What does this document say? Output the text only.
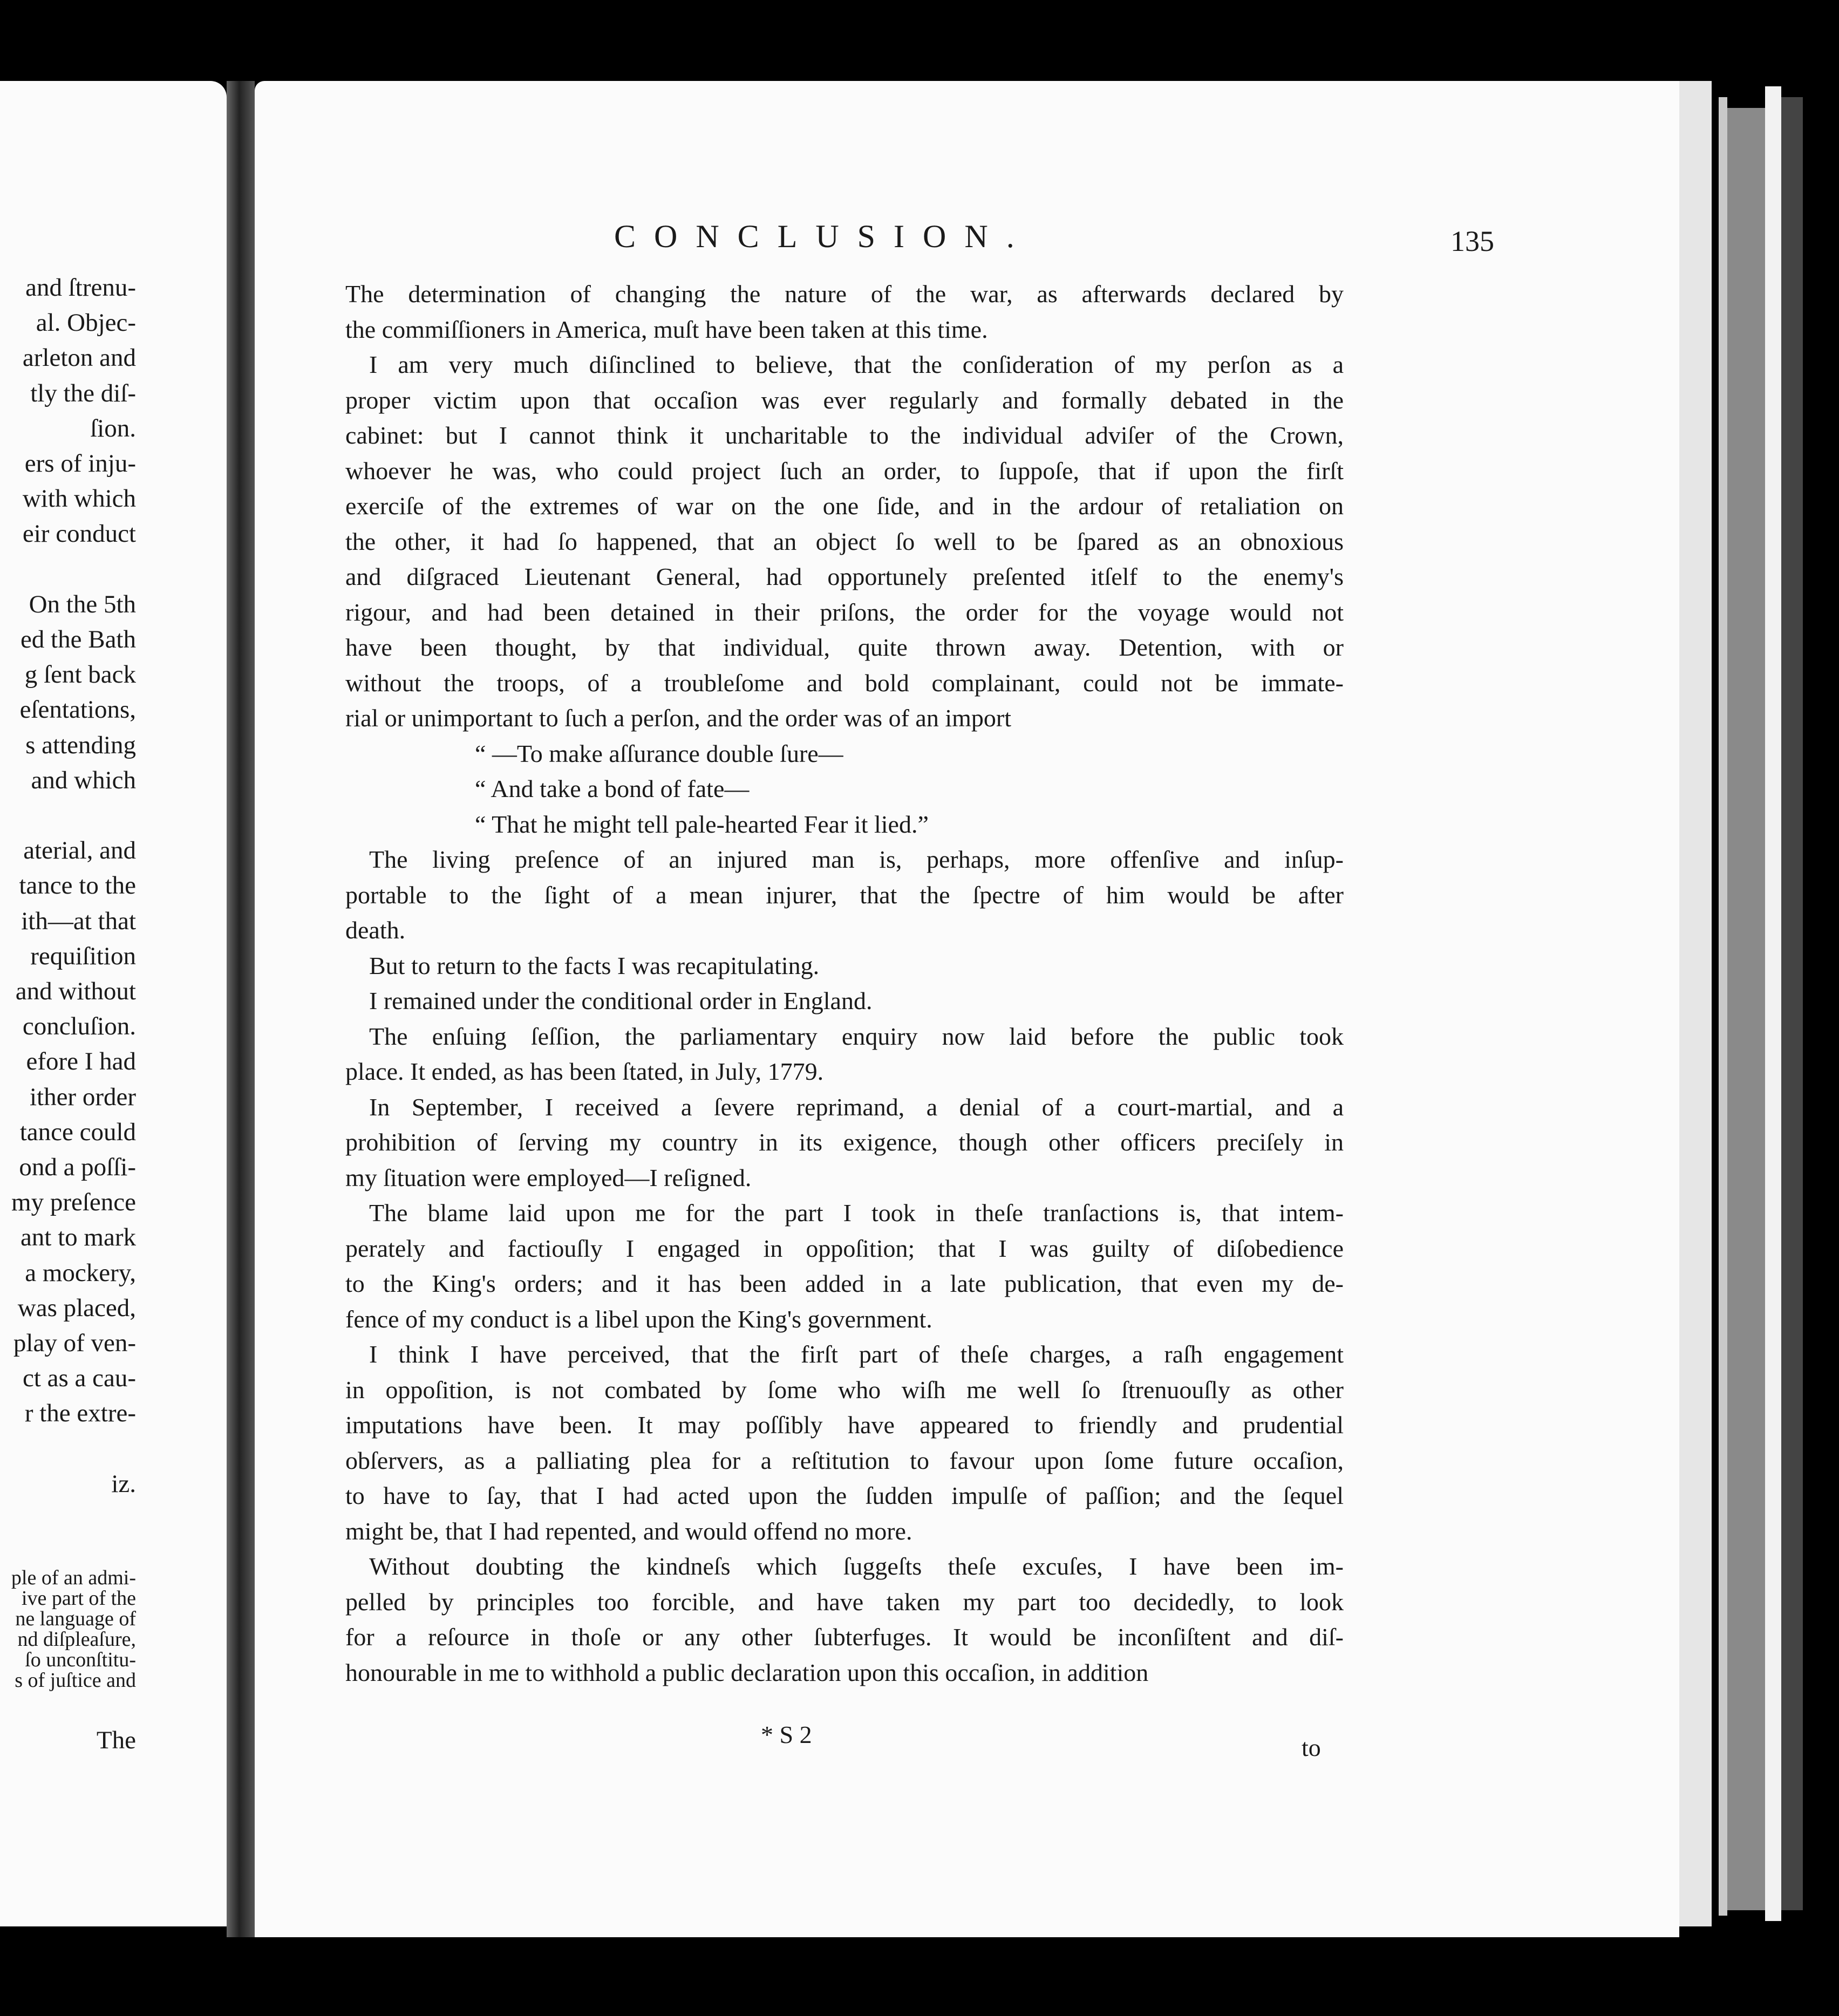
and ſtrenu-
al. Objec-
arleton and
tly the diſ-
ſion.
ers of inju-
with which
eir conduct
On the 5th
ed the Bath
g ſent back
eſentations,
s attending
and which
aterial, and
tance to the
ith—at that
requiſition
and without
concluſion.
efore I had
ither order
tance could
ond a poſſi-
my preſence
ant to mark
a mockery,
was placed,
play of ven-
ct as a cau-
r the extre-
iz.
ple of an admi-
ive part of the
ne language of
nd diſpleaſure,
ſo unconſtitu-
s of juſtice and
The
CONCLUSION.	135
The determination of changing the nature of the war, as afterwards declared by
the commiſſioners in America, muſt have been taken at this time.
I am very much diſinclined to believe, that the conſideration of my perſon as a
proper victim upon that occaſion was ever regularly and formally debated in the
cabinet: but I cannot think it uncharitable to the individual adviſer of the Crown,
whoever he was, who could project ſuch an order, to ſuppoſe, that if upon the firſt
exerciſe of the extremes of war on the one ſide, and in the ardour of retaliation on
the other, it had ſo happened, that an object ſo well to be ſpared as an obnoxious
and diſgraced Lieutenant General, had opportunely preſented itſelf to the enemy's
rigour, and had been detained in their priſons, the order for the voyage would not
have been thought, by that individual, quite thrown away. Detention, with or
without the troops, of a troubleſome and bold complainant, could not be immate-
rial or unimportant to ſuch a perſon, and the order was of an import
“ —To make aſſurance double ſure—
“ And take a bond of fate—
“ That he might tell pale-hearted Fear it lied.”
The living preſence of an injured man is, perhaps, more offenſive and inſup-
portable to the ſight of a mean injurer, that the ſpectre of him would be after
death.
But to return to the facts I was recapitulating.
I remained under the conditional order in England.
The enſuing ſeſſion, the parliamentary enquiry now laid before the public took
place. It ended, as has been ſtated, in July, 1779.
In September, I received a ſevere reprimand, a denial of a court-martial, and a
prohibition of ſerving my country in its exigence, though other officers preciſely in
my ſituation were employed—I reſigned.
The blame laid upon me for the part I took in theſe tranſactions is, that intem-
perately and factiouſly I engaged in oppoſition; that I was guilty of diſobedience
to the King's orders; and it has been added in a late publication, that even my de-
fence of my conduct is a libel upon the King's government.
I think I have perceived, that the firſt part of theſe charges, a raſh engagement
in oppoſition, is not combated by ſome who wiſh me well ſo ſtrenuouſly as other
imputations have been. It may poſſibly have appeared to friendly and prudential
obſervers, as a palliating plea for a reſtitution to favour upon ſome future occaſion,
to have to ſay, that I had acted upon the ſudden impulſe of paſſion; and the ſequel
might be, that I had repented, and would offend no more.
Without doubting the kindneſs which ſuggeſts theſe excuſes, I have been im-
pelled by principles too forcible, and have taken my part too decidedly, to look
for a reſource in thoſe or any other ſubterfuges. It would be inconſiſtent and diſ-
honourable in me to withhold a public declaration upon this occaſion, in addition
* S 2	to
